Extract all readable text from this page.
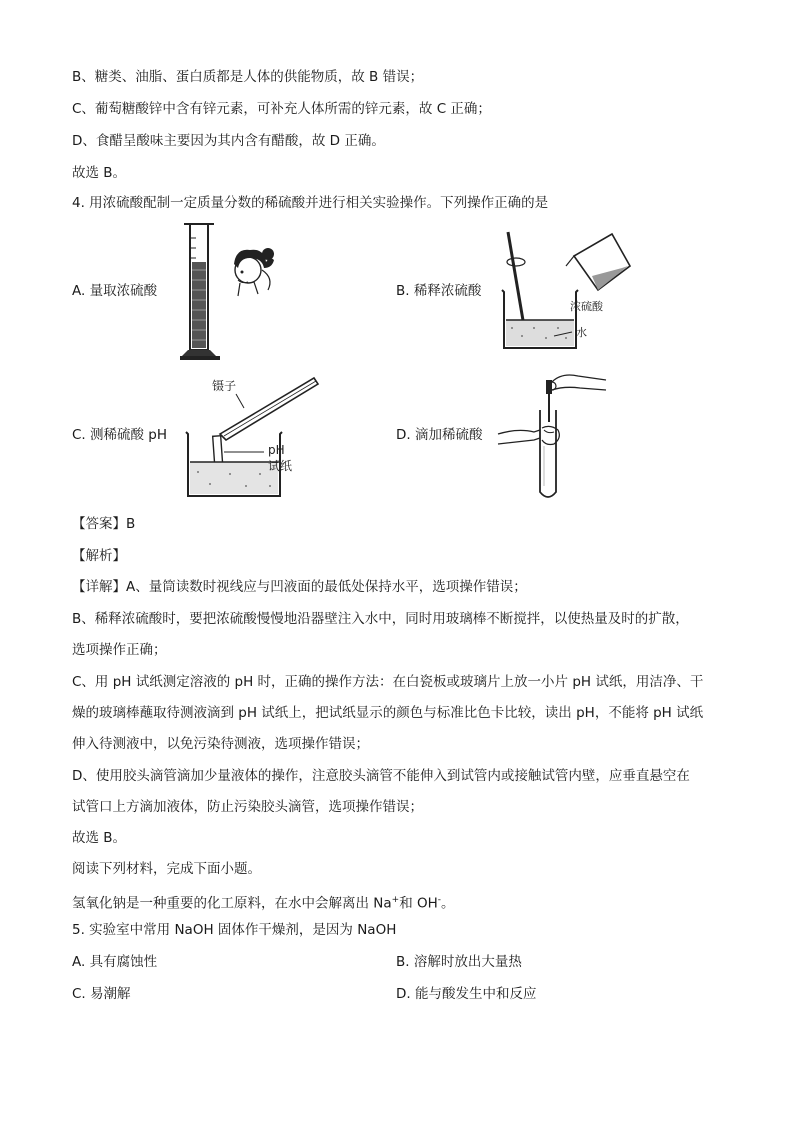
B、糖类、油脂、蛋白质都是人体的供能物质，故 B 错误；
C、葡萄糖酸锌中含有锌元素，可补充人体所需的锌元素，故 C 正确；
D、食醋呈酸味主要因为其内含有醋酸，故 D 正确。
故选 B。
4. 用浓硫酸配制一定质量分数的稀硫酸并进行相关实验操作。下列操作正确的是
A. 量取浓硫酸	B. 稀释浓硫酸
浓硫酸
水
C. 测稀硫酸 pH
镊子
pH
试纸
D. 滴加稀硫酸
【答案】B
【解析】
【详解】A、量筒读数时视线应与凹液面的最低处保持水平，选项操作错误；
B、稀释浓硫酸时，要把浓硫酸慢慢地沿器壁注入水中，同时用玻璃棒不断搅拌，以使热量及时的扩散，
选项操作正确；
C、用 pH 试纸测定溶液的 pH 时，正确的操作方法：在白瓷板或玻璃片上放一小片 pH 试纸，用洁净、干
燥的玻璃棒蘸取待测液滴到 pH 试纸上，把试纸显示的颜色与标准比色卡比较，读出 pH，不能将 pH 试纸
伸入待测液中，以免污染待测液，选项操作错误；
D、使用胶头滴管滴加少量液体的操作，注意胶头滴管不能伸入到试管内或接触试管内壁，应垂直悬空在
试管口上方滴加液体，防止污染胶头滴管，选项操作错误；
故选 B。
阅读下列材料，完成下面小题。
氢氧化钠是一种重要的化工原料，在水中会解离出 Na+和 OH-。
5. 实验室中常用 NaOH 固体作干燥剂，是因为 NaOH
A. 具有腐蚀性	B. 溶解时放出大量热
C. 易潮解	D. 能与酸发生中和反应
